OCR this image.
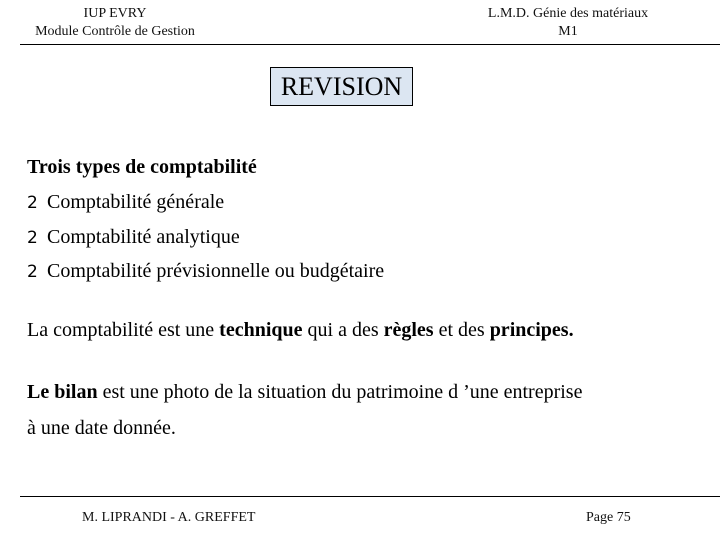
IUP EVRY
Module Contrôle de Gestion
L.M.D. Génie des matériaux
M1
REVISION
Trois types de comptabilité
2 Comptabilité générale
2 Comptabilité analytique
2 Comptabilité prévisionnelle ou budgétaire
La comptabilité est une technique qui a des règles et des principes.
Le bilan est une photo de la situation du patrimoine d ’une entreprise
à une date donnée.
M. LIPRANDI - A. GREFFET	Page 75
